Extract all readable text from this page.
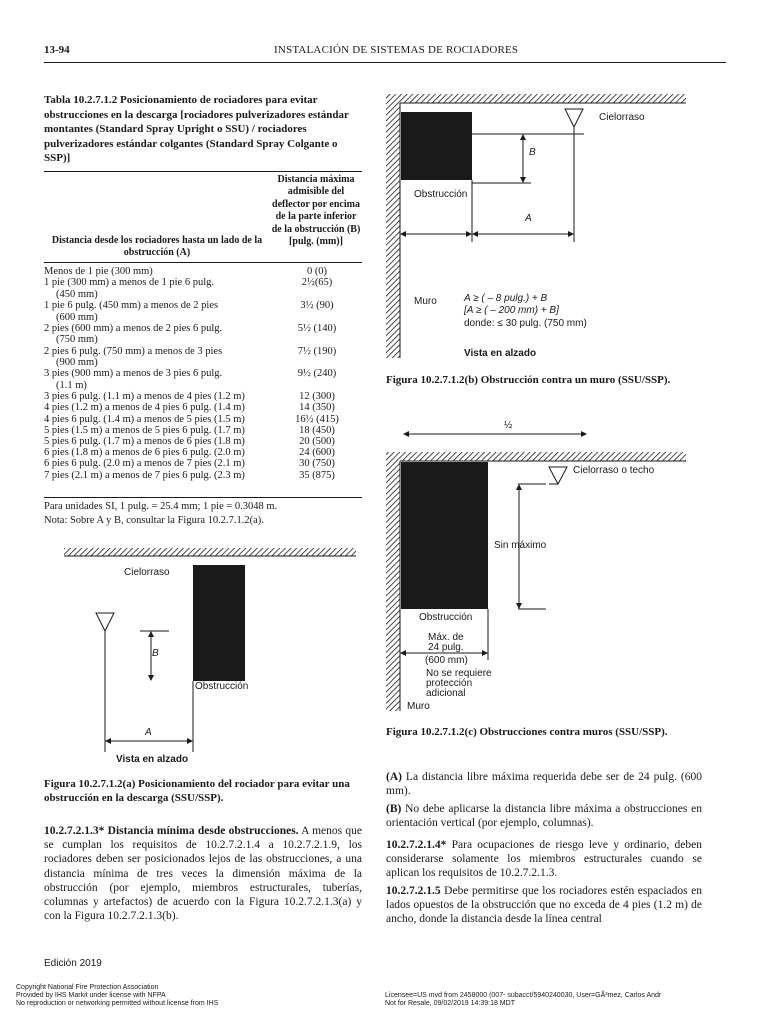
13-94	INSTALACIÓN DE SISTEMAS DE ROCIADORES
Tabla 10.2.7.1.2 Posicionamiento de rociadores para evitar obstrucciones en la descarga [rociadores pulverizadores estándar montantes (Standard Spray Upright o SSU) / rociadores pulverizadores estándar colgantes (Standard Spray Colgante o SSP)]
Distancia máxima admisible del deflector por encima de la parte inferior de la obstrucción (B) [pulg. (mm)]
Distancia desde los rociadores hasta un lado de la obstrucción (A)
Menos de 1 pie (300 mm)	0 (0)
1 pie (300 mm) a menos de 1 pie 6 pulg.	2½(65)
(450 mm)
1 pie 6 pulg. (450 mm) a menos de 2 pies	3½ (90)
(600 mm)
2 pies (600 mm) a menos de 2 pies 6 pulg.	5½ (140)
(750 mm)
2 pies 6 pulg. (750 mm) a menos de 3 pies	7½ (190)
(900 mm)
3 pies (900 mm) a menos de 3 pies 6 pulg.	9½ (240)
(1.1 m)
3 pies 6 pulg. (1.1 m) a menos de 4 pies (1.2 m)	12 (300)
4 pies (1.2 m) a menos de 4 pies 6 pulg. (1.4 m)	14 (350)
4 pies 6 pulg. (1.4 m) a menos de 5 pies (1.5 m)	16½ (415)
5 pies (1.5 m) a menos de 5 pies 6 pulg. (1.7 m)	18 (450)
5 pies 6 pulg. (1.7 m) a menos de 6 pies (1.8 m)	20 (500)
6 pies (1.8 m) a menos de 6 pies 6 pulg. (2.0 m)	24 (600)
6 pies 6 pulg. (2.0 m) a menos de 7 pies (2.1 m)	30 (750)
7 pies (2.1 m) a menos de 7 pies 6 pulg. (2.3 m)	35 (875)
Para unidades SI, 1 pulg. = 25.4 mm; 1 pie = 0.3048 m.
Nota: Sobre A y B, consultar la Figura 10.2.7.1.2(a).
Cielorraso
Obstrucción
B
A
Vista en alzado
Figura 10.2.7.1.2(a) Posicionamiento del rociador para evitar una obstrucción en la descarga (SSU/SSP).
10.2.7.2.1.3* Distancia mínima desde obstrucciones. A menos que se cumplan los requisitos de 10.2.7.2.1.4 a 10.2.7.2.1.9, los rociadores deben ser posicionados lejos de las obstrucciones, a una distancia mínima de tres veces la dimensión máxima de la obstrucción (por ejemplo, miembros estructurales, tuberías, columnas y artefactos) de acuerdo con la Figura 10.2.7.2.1.3(a) y con la Figura 10.2.7.2.1.3(b).
Cielorraso
Obstrucción
B
A
Muro	A ≥ ( – 8 pulg.) + B
[A ≥ ( – 200 mm) + B]
donde: ≤ 30 pulg. (750 mm)
Vista en alzado
Figura 10.2.7.1.2(b) Obstrucción contra un muro (SSU/SSP).
½
Cielorraso o techo
Sin máximo
Obstrucción
Máx. de
24 pulg.
(600 mm)
No se requiere
protección
adicional
Muro
Figura 10.2.7.1.2(c) Obstrucciones contra muros (SSU/SSP).
(A) La distancia libre máxima requerida debe ser de 24 pulg. (600 mm).
(B) No debe aplicarse la distancia libre máxima a obstrucciones en orientación vertical (por ejemplo, columnas).
10.2.7.2.1.4* Para ocupaciones de riesgo leve y ordinario, deben considerarse solamente los miembros estructurales cuando se aplican los requisitos de 10.2.7.2.1.3.
10.2.7.2.1.5 Debe permitirse que los rociadores estén espaciados en lados opuestos de la obstrucción que no exceda de 4 pies (1.2 m) de ancho, donde la distancia desde la línea central
Edición 2019
Copyright National Fire Protection Association
Provided by IHS Markit under license with NFPA
No reproduction or networking permitted without license from IHS
Licensee=US mvd from 2458000 (007- subacct/5940240030, User=GÃ³mez, Carlos Andr
Not for Resale, 09/02/2019 14:39:18 MDT
